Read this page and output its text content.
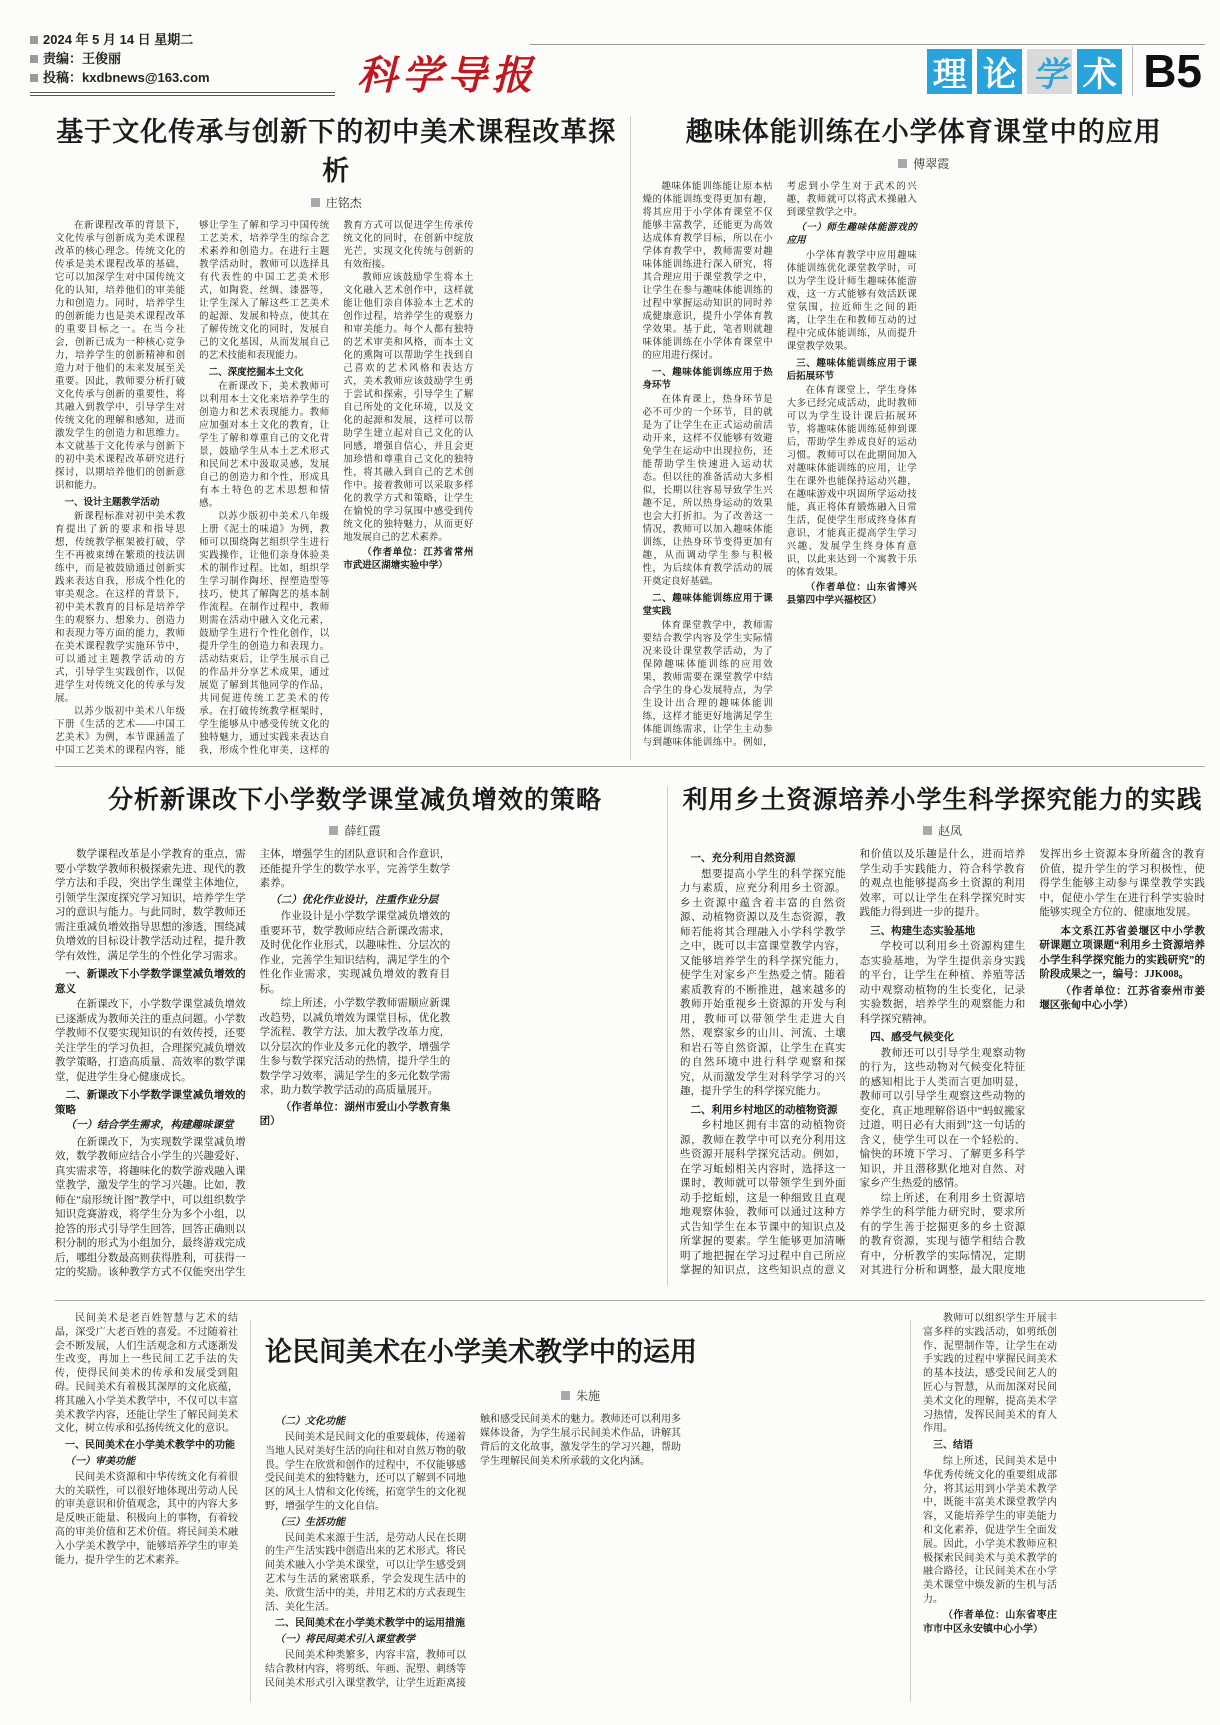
2024 年 5 月 14 日 星期二
责编：王俊丽
投稿：kxdbnews@163.com	科学导报	理 论 学 术 B5
基于文化传承与创新下的初中美术课程改革探析
庄铭杰

在新课程改革的背景下，文化传承与创新成为美术课程改革的核心理念。传统文化的传承是美术课程改革的基础，它可以加深学生对中国传统文化的认知，培养他们的审美能力和创造力。同时，培养学生的创新能力也是美术课程改革的重要目标之一。在当今社会，创新已成为一种核心竞争力，培养学生的创新精神和创造力对于他们的未来发展至关重要。因此，教师要分析打破文化传承与创新的重要性，将其融入到教学中，引导学生对传统文化的理解和感知，进而激发学生的创造力和思维力。本文就基于文化传承与创新下的初中美术课程改革研究进行探讨，以期培养他们的创新意识和能力。

一、设计主题教学活动

新课程标准对初中美术教育提出了新的要求和指导思想，传统教学框架被打破，学生不再被束缚在繁琐的技法训练中，而是被鼓励通过创新实践来表达自我，形成个性化的审美观念。在这样的背景下，初中美术教育的目标是培养学生的观察力、想象力、创造力和表现力等方面的能力，教师在美术课程教学实施环节中，可以通过主题教学活动的方式，引导学生实践创作，以促进学生对传统文化的传承与发展。

以苏少版初中美术八年级下册《生活的艺术——中国工艺美术》为例，本节课涵盖了中国工艺美术的课程内容，能够让学生了解和学习中国传统工艺美术，培养学生的综合艺术素养和创造力。在进行主题教学活动时，教师可以选择具有代表性的中国工艺美术形式，如陶瓷、丝绸、漆器等，让学生深入了解这些工艺美术的起源、发展和特点，使其在了解传统文化的同时，发展自己的文化基因，从而发展自己的艺术技能和表现能力。

二、深度挖掘本土文化

在新课改下，美术教师可以利用本土文化来培养学生的创造力和艺术表现能力。教师应加强对本土文化的教育，让学生了解和尊重自己的文化背景，鼓励学生从本土艺术形式和民间艺术中汲取灵感，发展自己的创造力和个性，形成具有本土特色的艺术思想和情感。

以苏少版初中美术八年级上册《泥土的味道》为例，教师可以围绕陶艺组织学生进行实践操作，让他们亲身体验美术的制作过程。比如，组织学生学习制作陶坯、捏塑造型等技巧，使其了解陶艺的基本制作流程。在制作过程中，教师则需在活动中融入文化元素，鼓励学生进行个性化创作，以提升学生的创造力和表现力。活动结束后，让学生展示自己的作品并分享艺术成果，通过展览了解到其他同学的作品，共同促进传统工艺美术的传承。在打破传统教学框架时，学生能够从中感受传统文化的独特魅力，通过实践来表达自我，形成个性化审美，这样的教育方式可以促进学生传承传统文化的同时，在创新中绽放光芒，实现文化传统与创新的有效衔接。

教师应该鼓励学生将本土文化融入艺术创作中，这样就能让他们亲自体验本土艺术的创作过程，培养学生的观察力和审美能力。每个人都有独特的艺术审美和风格，而本土文化的熏陶可以帮助学生找到自己喜欢的艺术风格和表达方式，美术教师应该鼓励学生勇于尝试和探索，引导学生了解自己所处的文化环境，以及文化的起源和发展，这样可以帮助学生建立起对自己文化的认同感，增强自信心，并且会更加珍惜和尊重自己文化的独特性，将其融入到自己的艺术创作中。接着教师可以采取多样化的教学方式和策略，让学生在愉悦的学习氛围中感受到传统文化的独特魅力，从而更好地发展自己的艺术素养。

（作者单位：江苏省常州市武进区湖塘实验中学）

趣味体能训练在小学体育课堂中的应用
傅翠霞

趣味体能训练能让原本枯燥的体能训练变得更加有趣，将其应用于小学体育课堂不仅能够丰富教学，还能更为高效达成体育教学目标，所以在小学体育教学中，教师需要对趣味体能训练进行深入研究，将其合理应用于课堂教学之中，让学生在参与趣味体能训练的过程中掌握运动知识的同时养成健康意识，提升小学体育教学效果。基于此，笔者则就趣味体能训练在小学体育课堂中的应用进行探讨。

一、趣味体能训练应用于热身环节

在体育课上，热身环节是必不可少的一个环节，目的就是为了让学生在正式运动前活动开来，这样不仅能够有效避免学生在运动中出现拉伤，还能帮助学生快速进入运动状态。但以往的准备活动大多相似，长期以往容易导致学生兴趣不足，所以热身运动的效果也会大打折扣。为了改善这一情况，教师可以加入趣味体能训练，让热身环节变得更加有趣，从而调动学生参与积极性，为后续体育教学活动的展开奠定良好基础。

二、趣味体能训练应用于课堂实践

体育课堂教学中，教师需要结合教学内容及学生实际情况来设计课堂教学活动，为了保障趣味体能训练的应用效果，教师需要在课堂教学中结合学生的身心发展特点，为学生设计出合理的趣味体能训练，这样才能更好地满足学生体能训练需求，让学生主动参与到趣味体能训练中。例如，考虑到小学生对于武术的兴趣，教师就可以将武术操融入到课堂教学之中。

（一）师生趣味体能游戏的应用

小学体育教学中应用趣味体能训练优化课堂教学时，可以为学生设计师生趣味体能游戏，这一方式能够有效活跃课堂氛围，拉近师生之间的距离，让学生在和教师互动的过程中完成体能训练，从而提升课堂教学效果。

三、趣味体能训练应用于课后拓展环节

在体育课堂上，学生身体大多已经完成活动，此时教师可以为学生设计课后拓展环节，将趣味体能训练延伸到课后，帮助学生养成良好的运动习惯。教师可以在此期间加入对趣味体能训练的应用，让学生在课外也能保持运动兴趣，在趣味游戏中巩固所学运动技能，真正将体育锻炼融入日常生活，促使学生形成终身体育意识，才能真正提高学生学习兴趣、发展学生终身体育意识，以此来达到一个寓教于乐的体育效果。

（作者单位：山东省博兴县第四中学兴福校区）

分析新课改下小学数学课堂减负增效的策略
薛红霞

数学课程改革是小学教育的重点，需要小学数学教师积极探索先进、现代的教学方法和手段，突出学生课堂主体地位，引领学生深度探究学习知识，培养学生学习的意识与能力。与此同时，数学教师还需注重减负增效指导思想的渗透，围绕减负增效的目标设计教学活动过程，提升教学有效性，满足学生的个性化学习需求。

一、新课改下小学数学课堂减负增效的意义

在新课改下，小学数学课堂减负增效已逐渐成为教师关注的重点问题。小学数学教师不仅要实现知识的有效传授，还要关注学生的学习负担，合理探究减负增效教学策略，打造高质量、高效率的数学课堂，促进学生身心健康成长。

二、新课改下小学数学课堂减负增效的策略

（一）结合学生需求，构建趣味课堂

在新课改下，为实现数学课堂减负增效，数学教师应结合小学生的兴趣爱好、真实需求等，将趣味化的数学游戏融入课堂教学，激发学生的学习兴趣。比如，教师在“扇形统计图”教学中，可以组织数学知识竞赛游戏，将学生分为多个小组，以抢答的形式引导学生回答，回答正确则以积分制的形式为小组加分，最终游戏完成后，哪组分数最高则获得胜利，可获得一定的奖励。该种教学方式不仅能突出学生主体，增强学生的团队意识和合作意识，还能提升学生的数学水平，完善学生数学素养。

（二）优化作业设计，注重作业分层

作业设计是小学数学课堂减负增效的重要环节，数学教师应结合新课改需求，及时优化作业形式，以趣味性、分层次的作业，完善学生知识结构，满足学生的个性化作业需求，实现减负增效的教育目标。

综上所述，小学数学教师需顺应新课改趋势，以减负增效为课堂目标，优化教学流程、教学方法，加大教学改革力度，以分层次的作业及多元化的教学，增强学生参与数学探究活动的热情，提升学生的数学学习效率，满足学生的多元化数学需求，助力数学教学活动的高质量展开。

（作者单位：湖州市爱山小学教育集团）

利用乡土资源培养小学生科学探究能力的实践
赵凤

一、充分利用自然资源

想要提高小学生的科学探究能力与素质，应充分利用乡土资源。乡土资源中蕴含着丰富的自然资源、动植物资源以及生态资源，教师若能将其合理融入小学科学教学之中，既可以丰富课堂教学内容，又能够培养学生的科学探究能力，使学生对家乡产生热爱之情。随着素质教育的不断推进，越来越多的教师开始重视乡土资源的开发与利用，教师可以带领学生走进大自然，观察家乡的山川、河流、土壤和岩石等自然资源，让学生在真实的自然环境中进行科学观察和探究，从而激发学生对科学学习的兴趣，提升学生的科学探究能力。

二、利用乡村地区的动植物资源

乡村地区拥有丰富的动植物资源，教师在教学中可以充分利用这些资源开展科学探究活动。例如，在学习蚯蚓相关内容时，选择这一课时，教师就可以带领学生到外面动手挖蚯蚓，这是一种细致且直观地观察体验，教师可以通过这种方式告知学生在本节课中的知识点及所掌握的要素。学生能够更加清晰明了地把握在学习过程中自己所应掌握的知识点，这些知识点的意义和价值以及乐趣是什么，进而培养学生动手实践能力，符合科学教育的观点也能够提高乡土资源的利用效率，可以让学生在科学探究时实践能力得到进一步的提升。

三、构建生态实验基地

学校可以利用乡土资源构建生态实验基地，为学生提供亲身实践的平台，让学生在种植、养殖等活动中观察动植物的生长变化，记录实验数据，培养学生的观察能力和科学探究精神。

四、感受气候变化

教师还可以引导学生观察动物的行为，这些动物对气候变化特征的感知相比于人类而言更加明显，教师可以引导学生观察这些动物的变化，真正地理解俗语中“蚂蚁搬家过道，明日必有大雨到”这一句话的含义，使学生可以在一个轻松的、愉快的环境下学习、了解更多科学知识，并且潜移默化地对自然、对家乡产生热爱的感情。

综上所述，在利用乡土资源培养学生的科学能力研究时，要求所有的学生善于挖掘更多的乡土资源的教育资源，实现与德学相结合教育中，分析教学的实际情况，定期对其进行分析和调整，最大限度地发挥出乡土资源本身所蕴含的教育价值，提升学生的学习积极性，使得学生能够主动参与课堂教学实践中，促使小学生在进行科学实验时能够实现全方位的、健康地发展。

本文系江苏省姜堰区中小学教研课题立项课题“利用乡土资源培养小学生科学探究能力的实践研究”的阶段成果之一，编号：JJK008。

（作者单位：江苏省泰州市姜堰区张甸中心小学）

民间美术是老百姓智慧与艺术的结晶，深受广大老百姓的喜爱。不过随着社会不断发展，人们生活观念和方式逐渐发生改变，再加上一些民间工艺手法的失传，使得民间美术的传承和发展受到阻碍。民间美术有着极其深厚的文化底蕴，将其融入小学美术教学中，不仅可以丰富美术教学内容，还能让学生了解民间美术文化，树立传承和弘扬传统文化的意识。

一、民间美术在小学美术教学中的功能

（一）审美功能

民间美术资源和中华传统文化有着很大的关联性，可以很好地体现出劳动人民的审美意识和价值观念，其中的内容大多是反映正能量、积极向上的事物，有着较高的审美价值和艺术价值。将民间美术融入小学美术教学中，能够培养学生的审美能力，提升学生的艺术素养。

论民间美术在小学美术教学中的运用
朱施

（二）文化功能

民间美术是民间文化的重要载体，传递着当地人民对美好生活的向往和对自然万物的敬畏。学生在欣赏和创作的过程中，不仅能够感受民间美术的独特魅力，还可以了解到不同地区的风土人情和文化传统，拓宽学生的文化视野，增强学生的文化自信。

（三）生活功能

民间美术来源于生活，是劳动人民在长期的生产生活实践中创造出来的艺术形式。将民间美术融入小学美术课堂，可以让学生感受到艺术与生活的紧密联系，学会发现生活中的美、欣赏生活中的美，并用艺术的方式表现生活、美化生活。

二、民间美术在小学美术教学中的运用措施

（一）将民间美术引入课堂教学

民间美术种类繁多，内容丰富，教师可以结合教材内容，将剪纸、年画、泥塑、刺绣等民间美术形式引入课堂教学，让学生近距离接触和感受民间美术的魅力。教师还可以利用多媒体设备，为学生展示民间美术作品，讲解其背后的文化故事，激发学生的学习兴趣，帮助学生理解民间美术所承载的文化内涵。

教师可以组织学生开展丰富多样的实践活动，如剪纸创作、泥塑制作等，让学生在动手实践的过程中掌握民间美术的基本技法，感受民间艺人的匠心与智慧，从而加深对民间美术文化的理解，提高美术学习热情，发挥民间美术的育人作用。

三、结语

综上所述，民间美术是中华优秀传统文化的重要组成部分，将其运用到小学美术教学中，既能丰富美术课堂教学内容，又能培养学生的审美能力和文化素养，促进学生全面发展。因此，小学美术教师应积极探索民间美术与美术教学的融合路径，让民间美术在小学美术课堂中焕发新的生机与活力。

（作者单位：山东省枣庄市市中区永安镇中心小学）
